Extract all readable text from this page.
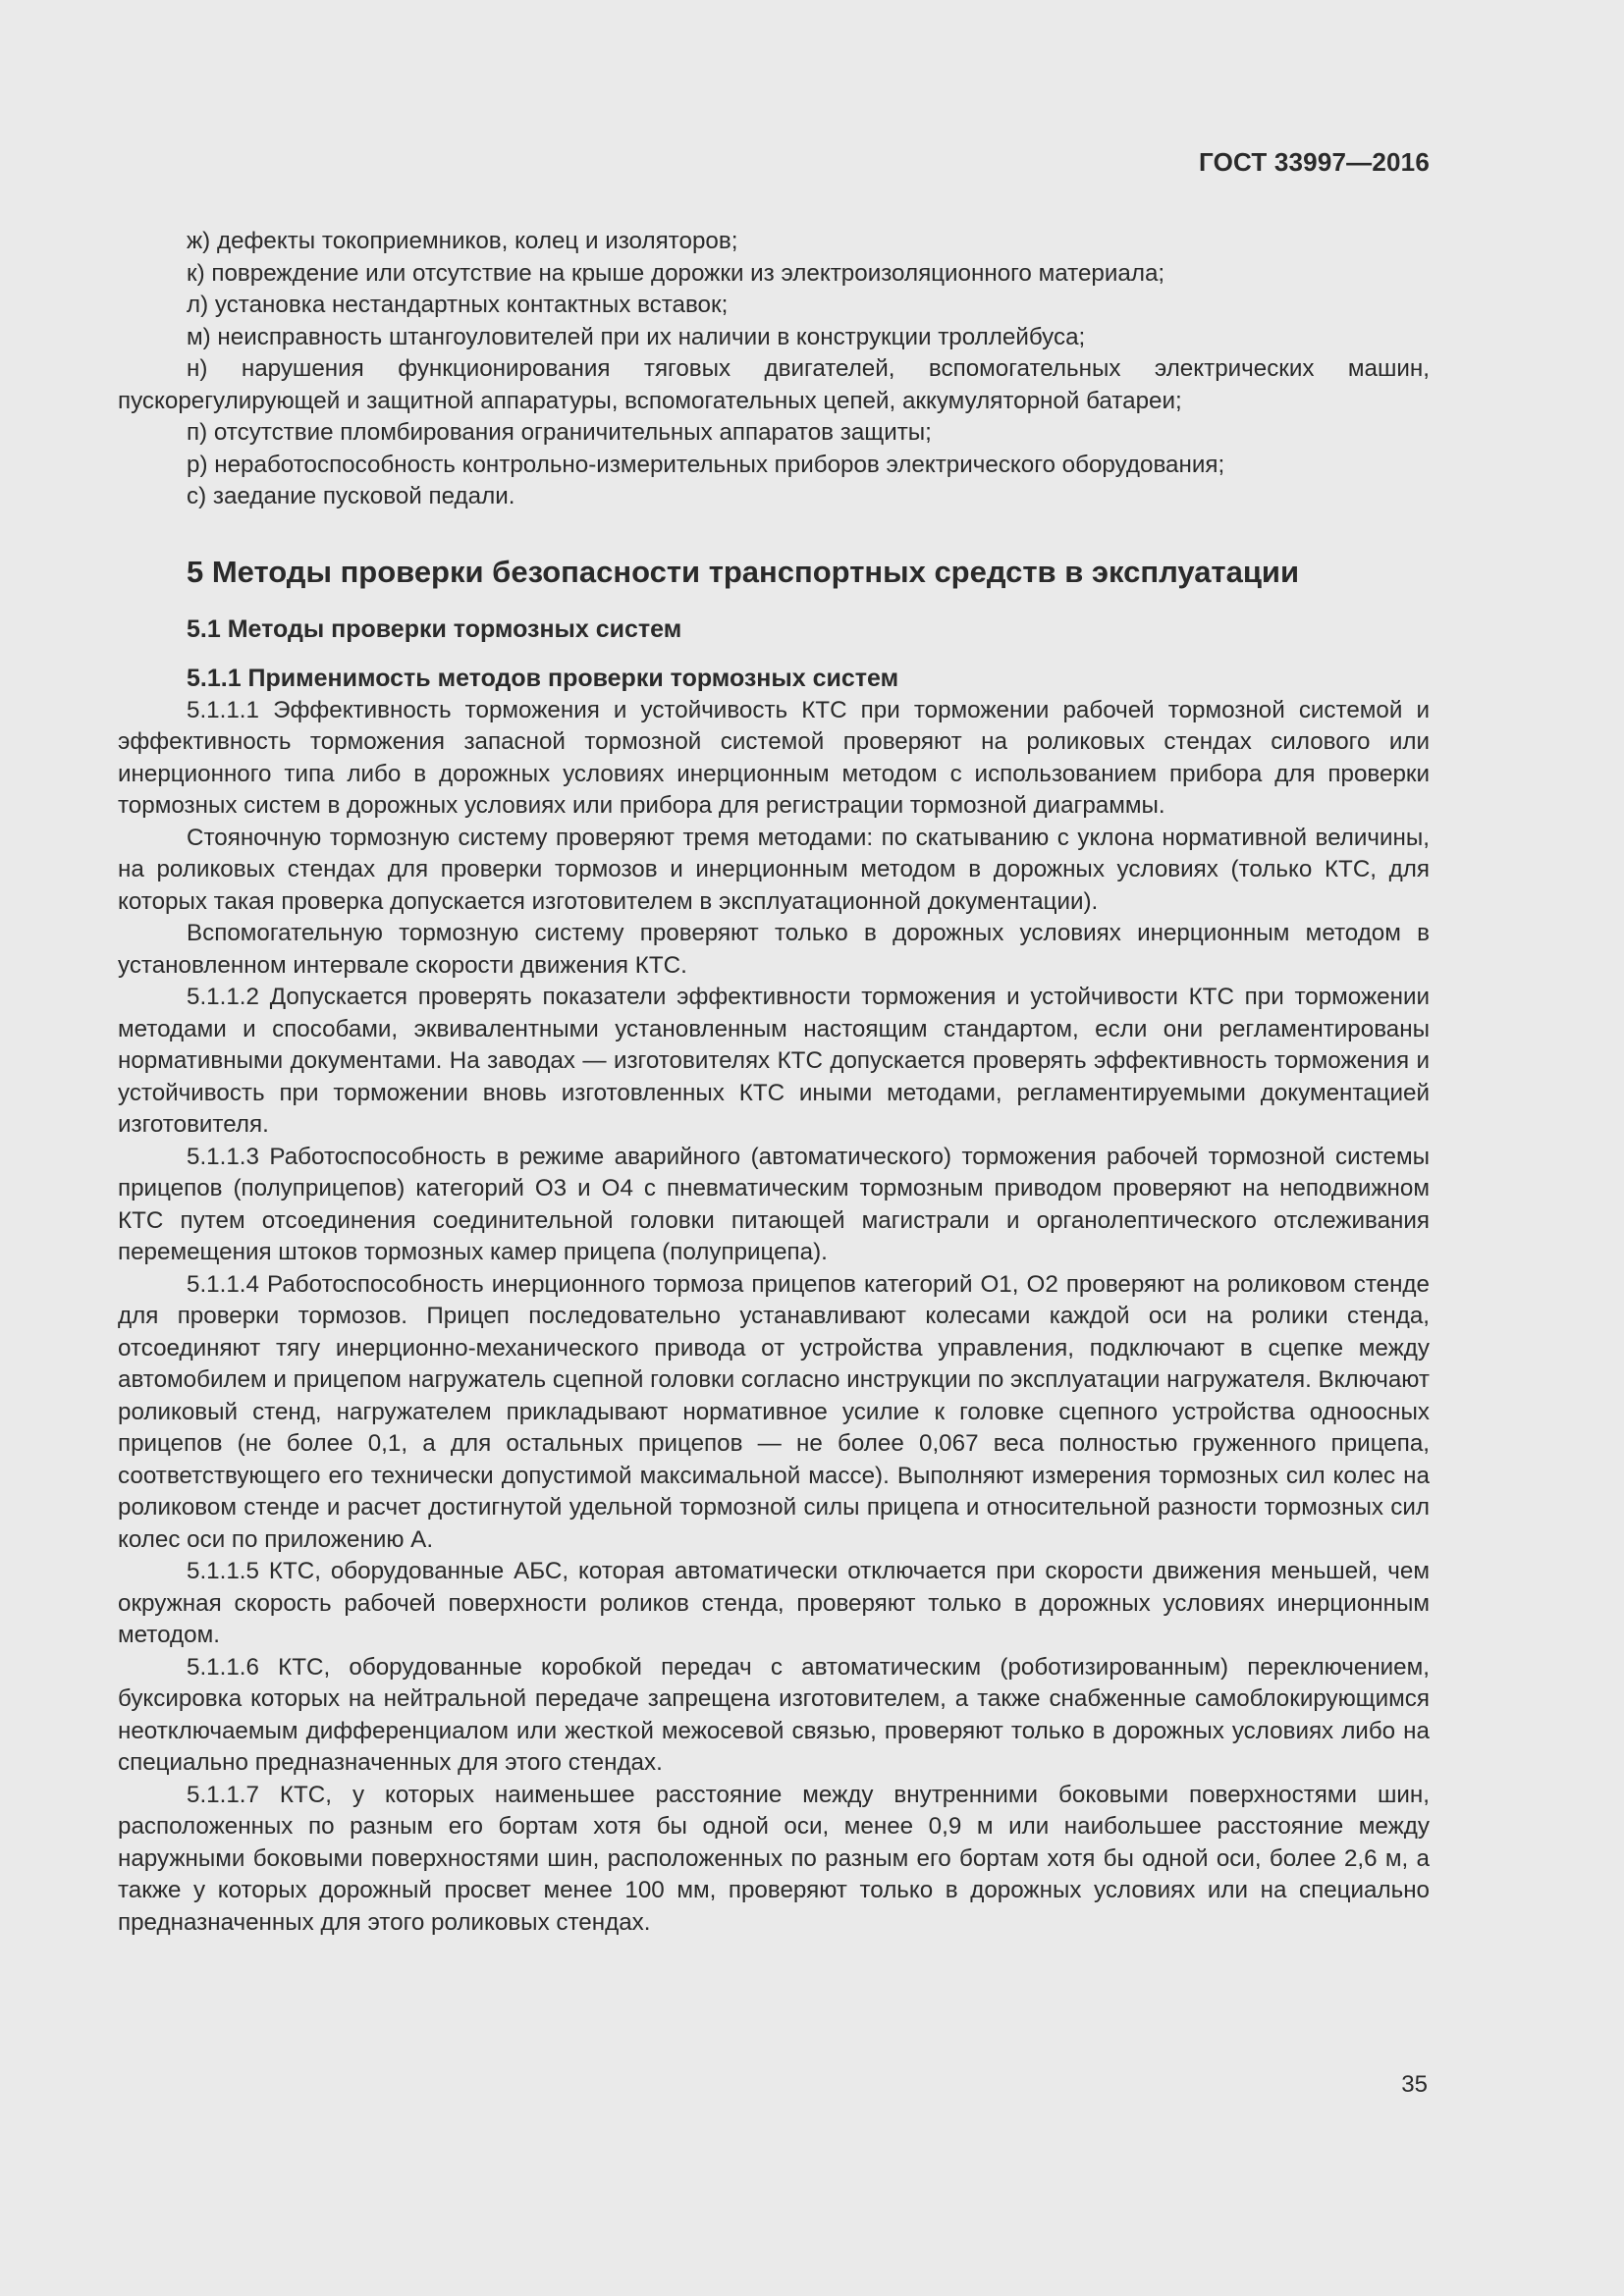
ГОСТ 33997—2016
ж) дефекты токоприемников, колец и изоляторов;
к) повреждение или отсутствие на крыше дорожки из электроизоляционного материала;
л) установка нестандартных контактных вставок;
м) неисправность штангоуловителей при их наличии в конструкции троллейбуса;
н) нарушения функционирования тяговых двигателей, вспомогательных электрических машин, пускорегулирующей и защитной аппаратуры, вспомогательных цепей, аккумуляторной батареи;
п) отсутствие пломбирования ограничительных аппаратов защиты;
р) неработоспособность контрольно-измерительных приборов электрического оборудования;
с) заедание пусковой педали.
5 Методы проверки безопасности транспортных средств в эксплуатации
5.1 Методы проверки тормозных систем
5.1.1 Применимость методов проверки тормозных систем

5.1.1.1 Эффективность торможения и устойчивость КТС при торможении рабочей тормозной системой и эффективность торможения запасной тормозной системой проверяют на роликовых стендах силового или инерционного типа либо в дорожных условиях инерционным методом с использованием прибора для проверки тормозных систем в дорожных условиях или прибора для регистрации тормозной диаграммы.

Стояночную тормозную систему проверяют тремя методами: по скатыванию с уклона нормативной величины, на роликовых стендах для проверки тормозов и инерционным методом в дорожных условиях (только КТС, для которых такая проверка допускается изготовителем в эксплуатационной документации).

Вспомогательную тормозную систему проверяют только в дорожных условиях инерционным методом в установленном интервале скорости движения КТС.

5.1.1.2 Допускается проверять показатели эффективности торможения и устойчивости КТС при торможении методами и способами, эквивалентными установленным настоящим стандартом, если они регламентированы нормативными документами. На заводах — изготовителях КТС допускается проверять эффективность торможения и устойчивость при торможении вновь изготовленных КТС иными методами, регламентируемыми документацией изготовителя.

5.1.1.3 Работоспособность в режиме аварийного (автоматического) торможения рабочей тормозной системы прицепов (полуприцепов) категорий О3 и О4 с пневматическим тормозным приводом проверяют на неподвижном КТС путем отсоединения соединительной головки питающей магистрали и органолептического отслеживания перемещения штоков тормозных камер прицепа (полуприцепа).

5.1.1.4 Работоспособность инерционного тормоза прицепов категорий О1, О2 проверяют на роликовом стенде для проверки тормозов. Прицеп последовательно устанавливают колесами каждой оси на ролики стенда, отсоединяют тягу инерционно-механического привода от устройства управления, подключают в сцепке между автомобилем и прицепом нагружатель сцепной головки согласно инструкции по эксплуатации нагружателя. Включают роликовый стенд, нагружателем прикладывают нормативное усилие к головке сцепного устройства одноосных прицепов (не более 0,1, а для остальных прицепов — не более 0,067 веса полностью груженного прицепа, соответствующего его технически допустимой максимальной массе). Выполняют измерения тормозных сил колес на роликовом стенде и расчет достигнутой удельной тормозной силы прицепа и относительной разности тормозных сил колес оси по приложению А.

5.1.1.5 КТС, оборудованные АБС, которая автоматически отключается при скорости движения меньшей, чем окружная скорость рабочей поверхности роликов стенда, проверяют только в дорожных условиях инерционным методом.

5.1.1.6 КТС, оборудованные коробкой передач с автоматическим (роботизированным) переключением, буксировка которых на нейтральной передаче запрещена изготовителем, а также снабженные самоблокирующимся неотключаемым дифференциалом или жесткой межосевой связью, проверяют только в дорожных условиях либо на специально предназначенных для этого стендах.

5.1.1.7 КТС, у которых наименьшее расстояние между внутренними боковыми поверхностями шин, расположенных по разным его бортам хотя бы одной оси, менее 0,9 м или наибольшее расстояние между наружными боковыми поверхностями шин, расположенных по разным его бортам хотя бы одной оси, более 2,6 м, а также у которых дорожный просвет менее 100 мм, проверяют только в дорожных условиях или на специально предназначенных для этого роликовых стендах.

35
